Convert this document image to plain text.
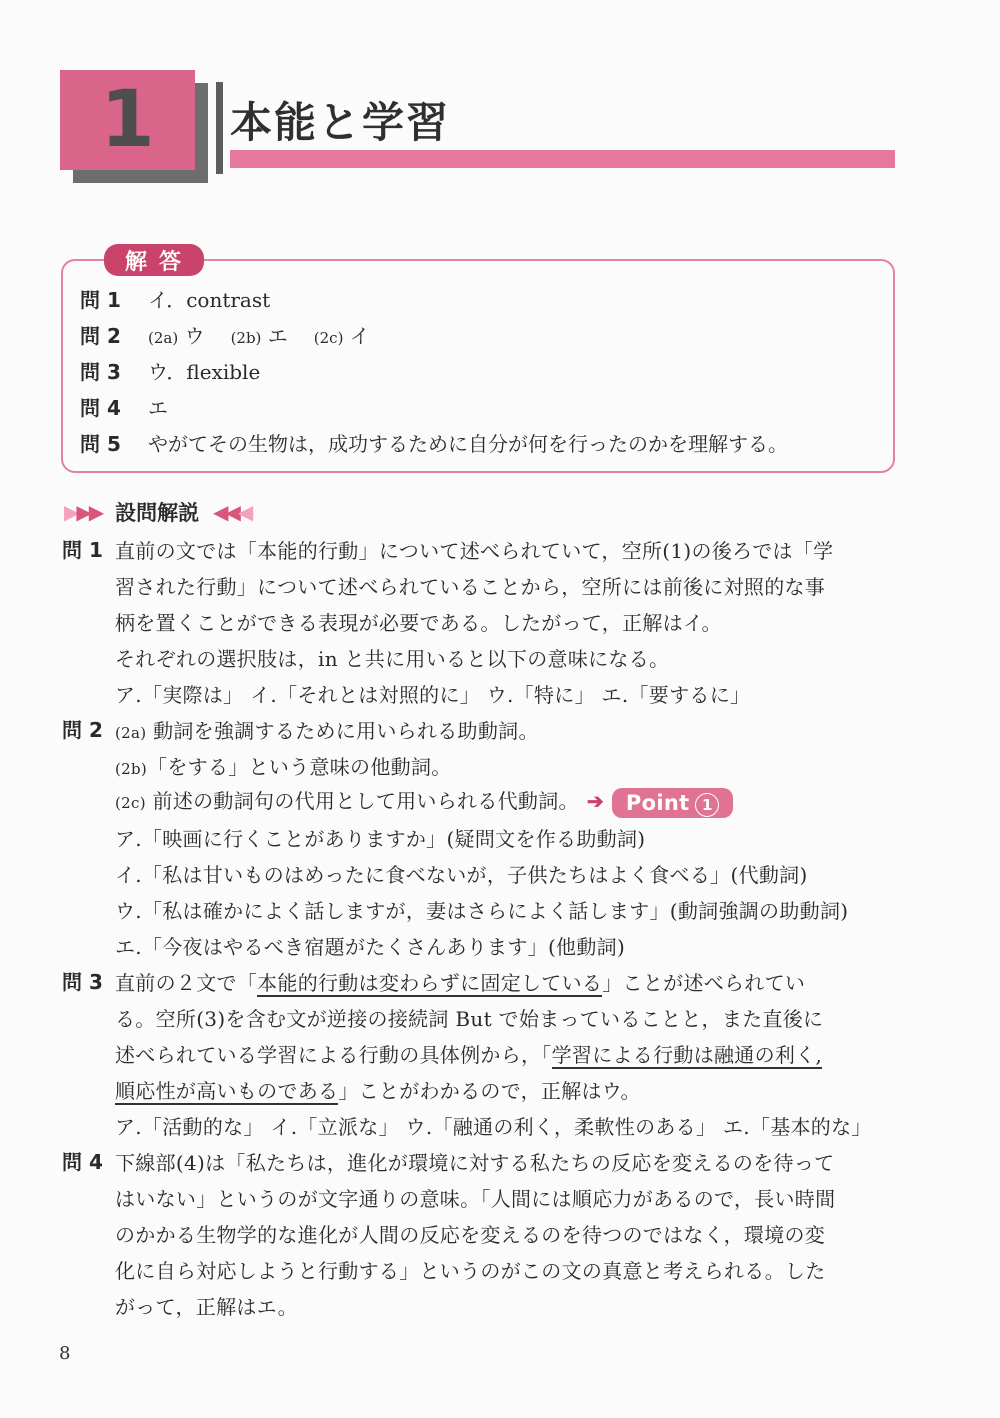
1	本能と学習
解答
問 1 イ．contrast
問 2 (2a) ウ (2b) エ (2c) イ
問 3 ウ．flexible
問 4 エ
問 5 やがてその生物は，成功するために自分が何を行ったのかを理解する。
▶▶▶ 設問解説 ◀◀◀
問 1 直前の文では「本能的行動」について述べられていて，空所(1)の後ろでは「学
習された行動」について述べられていることから，空所には前後に対照的な事
柄を置くことができる表現が必要である。したがって，正解はイ。
それぞれの選択肢は，in と共に用いると以下の意味になる。
ア.「実際は」 イ.「それとは対照的に」 ウ.「特に」 エ.「要するに」
問 2 (2a) 動詞を強調するために用いられる助動詞。
(2b)「をする」という意味の他動詞。
(2c) 前述の動詞句の代用として用いられる代動詞。 ➔ Point 1
ア.「映画に行くことがありますか」(疑問文を作る助動詞)
イ.「私は甘いものはめったに食べないが，子供たちはよく食べる」(代動詞)
ウ.「私は確かによく話しますが，妻はさらによく話します」(動詞強調の助動詞)
エ.「今夜はやるべき宿題がたくさんあります」(他動詞)
問 3 直前の２文で「本能的行動は変わらずに固定している」ことが述べられてい
る。空所(3)を含む文が逆接の接続詞 But で始まっていることと，また直後に
述べられている学習による行動の具体例から，「学習による行動は融通の利く,
順応性が高いものである」ことがわかるので，正解はウ。
ア.「活動的な」 イ.「立派な」 ウ.「融通の利く，柔軟性のある」 エ.「基本的な」
問 4 下線部(4)は「私たちは，進化が環境に対する私たちの反応を変えるのを待って
はいない」というのが文字通りの意味。「人間には順応力があるので，長い時間
のかかる生物学的な進化が人間の反応を変えるのを待つのではなく，環境の変
化に自ら対応しようと行動する」というのがこの文の真意と考えられる。した
がって，正解はエ。
8
